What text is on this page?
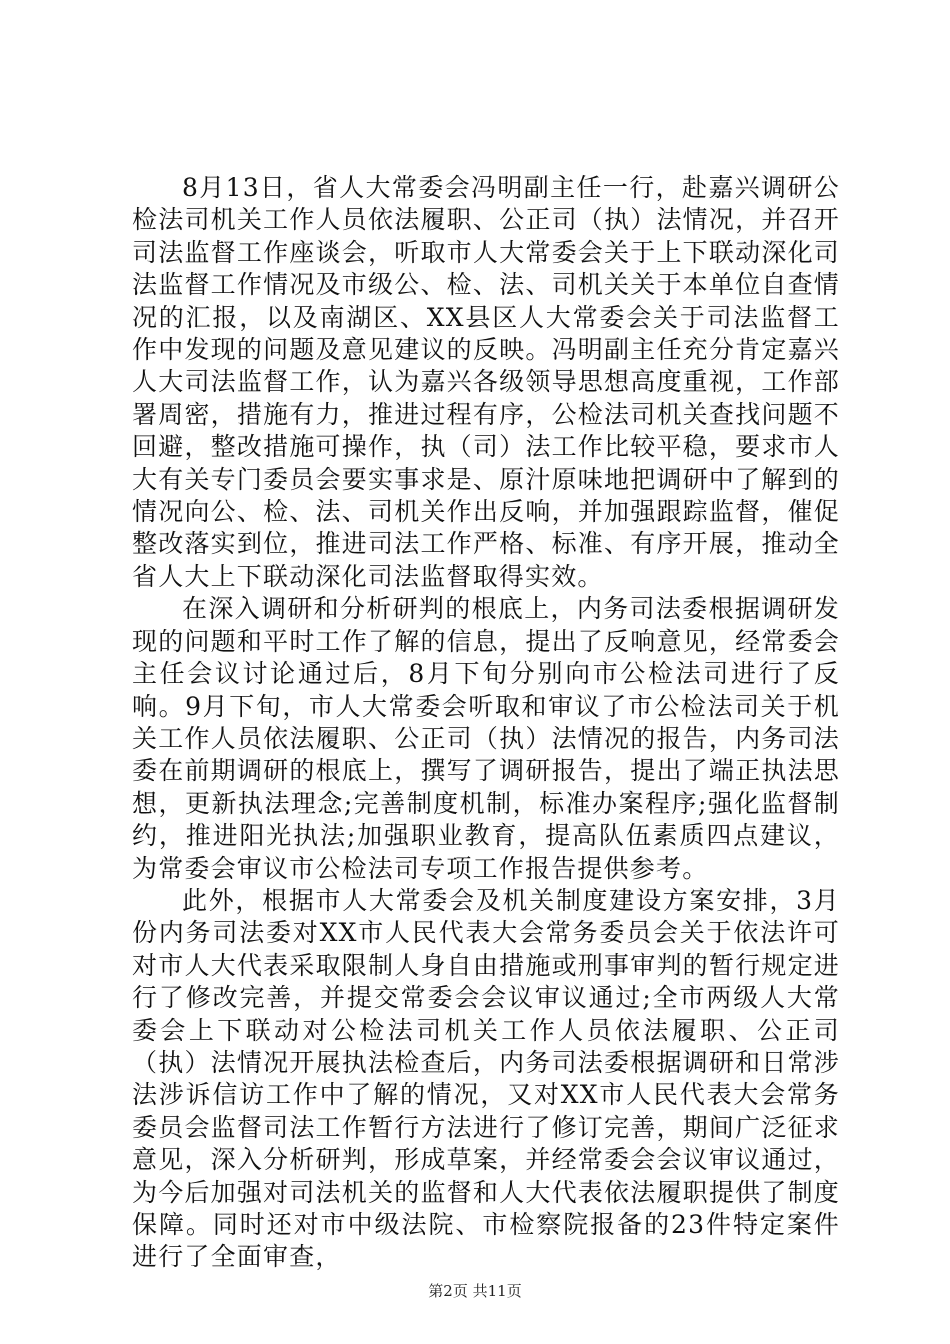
8月13日，省人大常委会冯明副主任一行，赴嘉兴调研公检法司机关工作人员依法履职、公正司（执）法情况，并召开司法监督工作座谈会，听取市人大常委会关于上下联动深化司法监督工作情况及市级公、检、法、司机关关于本单位自查情况的汇报，以及南湖区、XX县区人大常委会关于司法监督工作中发现的问题及意见建议的反映。冯明副主任充分肯定嘉兴人大司法监督工作，认为嘉兴各级领导思想高度重视，工作部署周密，措施有力，推进过程有序，公检法司机关查找问题不回避，整改措施可操作，执（司）法工作比较平稳，要求市人大有关专门委员会要实事求是、原汁原味地把调研中了解到的情况向公、检、法、司机关作出反响，并加强跟踪监督，催促整改落实到位，推进司法工作严格、标准、有序开展，推动全省人大上下联动深化司法监督取得实效。

在深入调研和分析研判的根底上，内务司法委根据调研发现的问题和平时工作了解的信息，提出了反响意见，经常委会主任会议讨论通过后，8月下旬分别向市公检法司进行了反响。9月下旬，市人大常委会听取和审议了市公检法司关于机关工作人员依法履职、公正司（执）法情况的报告，内务司法委在前期调研的根底上，撰写了调研报告，提出了端正执法思想，更新执法理念;完善制度机制，标准办案程序;强化监督制约，推进阳光执法;加强职业教育，提高队伍素质四点建议，为常委会审议市公检法司专项工作报告提供参考。

此外，根据市人大常委会及机关制度建设方案安排，3月份内务司法委对XX市人民代表大会常务委员会关于依法许可对市人大代表采取限制人身自由措施或刑事审判的暂行规定进行了修改完善，并提交常委会会议审议通过;全市两级人大常委会上下联动对公检法司机关工作人员依法履职、公正司（执）法情况开展执法检查后，内务司法委根据调研和日常涉法涉诉信访工作中了解的情况，又对XX市人民代表大会常务委员会监督司法工作暂行方法进行了修订完善，期间广泛征求意见，深入分析研判，形成草案，并经常委会会议审议通过，为今后加强对司法机关的监督和人大代表依法履职提供了制度保障。同时还对市中级法院、市检察院报备的23件特定案件进行了全面审查，

第2页 共11页
